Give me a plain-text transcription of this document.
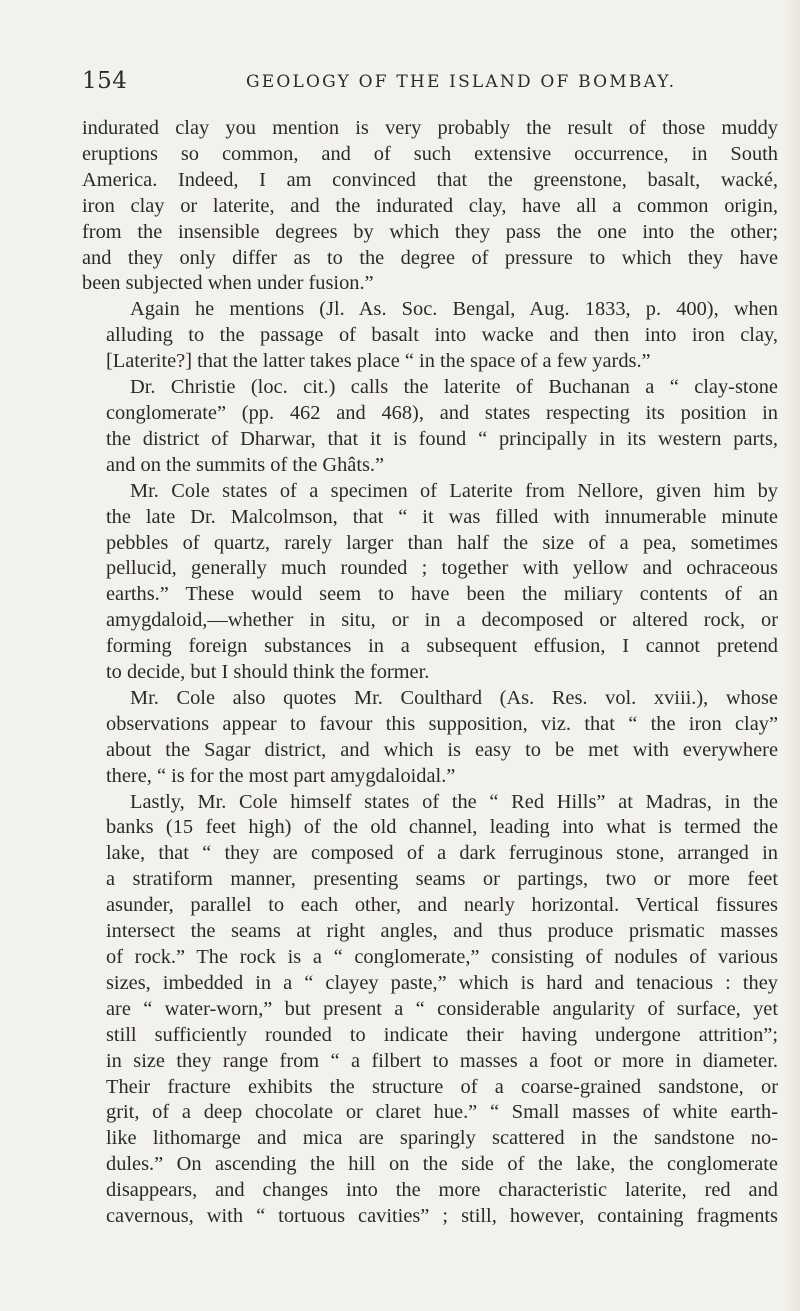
154	GEOLOGY OF THE ISLAND OF BOMBAY.

indurated clay you mention is very probably the result of those muddy
eruptions so common, and of such extensive occurrence, in South
America. Indeed, I am convinced that the greenstone, basalt, wacké,
iron clay or laterite, and the indurated clay, have all a common origin,
from the insensible degrees by which they pass the one into the other;
and they only differ as to the degree of pressure to which they have
been subjected when under fusion.”

Again he mentions (Jl. As. Soc. Bengal, Aug. 1833, p. 400), when
alluding to the passage of basalt into wacke and then into iron clay,
[Laterite?] that the latter takes place “ in the space of a few yards.”

Dr. Christie (loc. cit.) calls the laterite of Buchanan a “ clay-stone
conglomerate” (pp. 462 and 468), and states respecting its position in
the district of Dharwar, that it is found “ principally in its western parts,
and on the summits of the Ghâts.”

Mr. Cole states of a specimen of Laterite from Nellore, given him by
the late Dr. Malcolmson, that “ it was filled with innumerable minute
pebbles of quartz, rarely larger than half the size of a pea, sometimes
pellucid, generally much rounded ; together with yellow and ochraceous
earths.” These would seem to have been the miliary contents of an
amygdaloid,—whether in situ, or in a decomposed or altered rock, or
forming foreign substances in a subsequent effusion, I cannot pretend
to decide, but I should think the former.

Mr. Cole also quotes Mr. Coulthard (As. Res. vol. xviii.), whose
observations appear to favour this supposition, viz. that “ the iron clay”
about the Sagar district, and which is easy to be met with everywhere
there, “ is for the most part amygdaloidal.”

Lastly, Mr. Cole himself states of the “ Red Hills” at Madras, in the
banks (15 feet high) of the old channel, leading into what is termed the
lake, that “ they are composed of a dark ferruginous stone, arranged in
a stratiform manner, presenting seams or partings, two or more feet
asunder, parallel to each other, and nearly horizontal. Vertical fissures
intersect the seams at right angles, and thus produce prismatic masses
of rock.” The rock is a “ conglomerate,” consisting of nodules of various
sizes, imbedded in a “ clayey paste,” which is hard and tenacious : they
are “ water-worn,” but present a “ considerable angularity of surface, yet
still sufficiently rounded to indicate their having undergone attrition”;
in size they range from “ a filbert to masses a foot or more in diameter.
Their fracture exhibits the structure of a coarse-grained sandstone, or
grit, of a deep chocolate or claret hue.” “ Small masses of white earth-
like lithomarge and mica are sparingly scattered in the sandstone no-
dules.” On ascending the hill on the side of the lake, the conglomerate
disappears, and changes into the more characteristic laterite, red and
cavernous, with “ tortuous cavities” ; still, however, containing fragments
